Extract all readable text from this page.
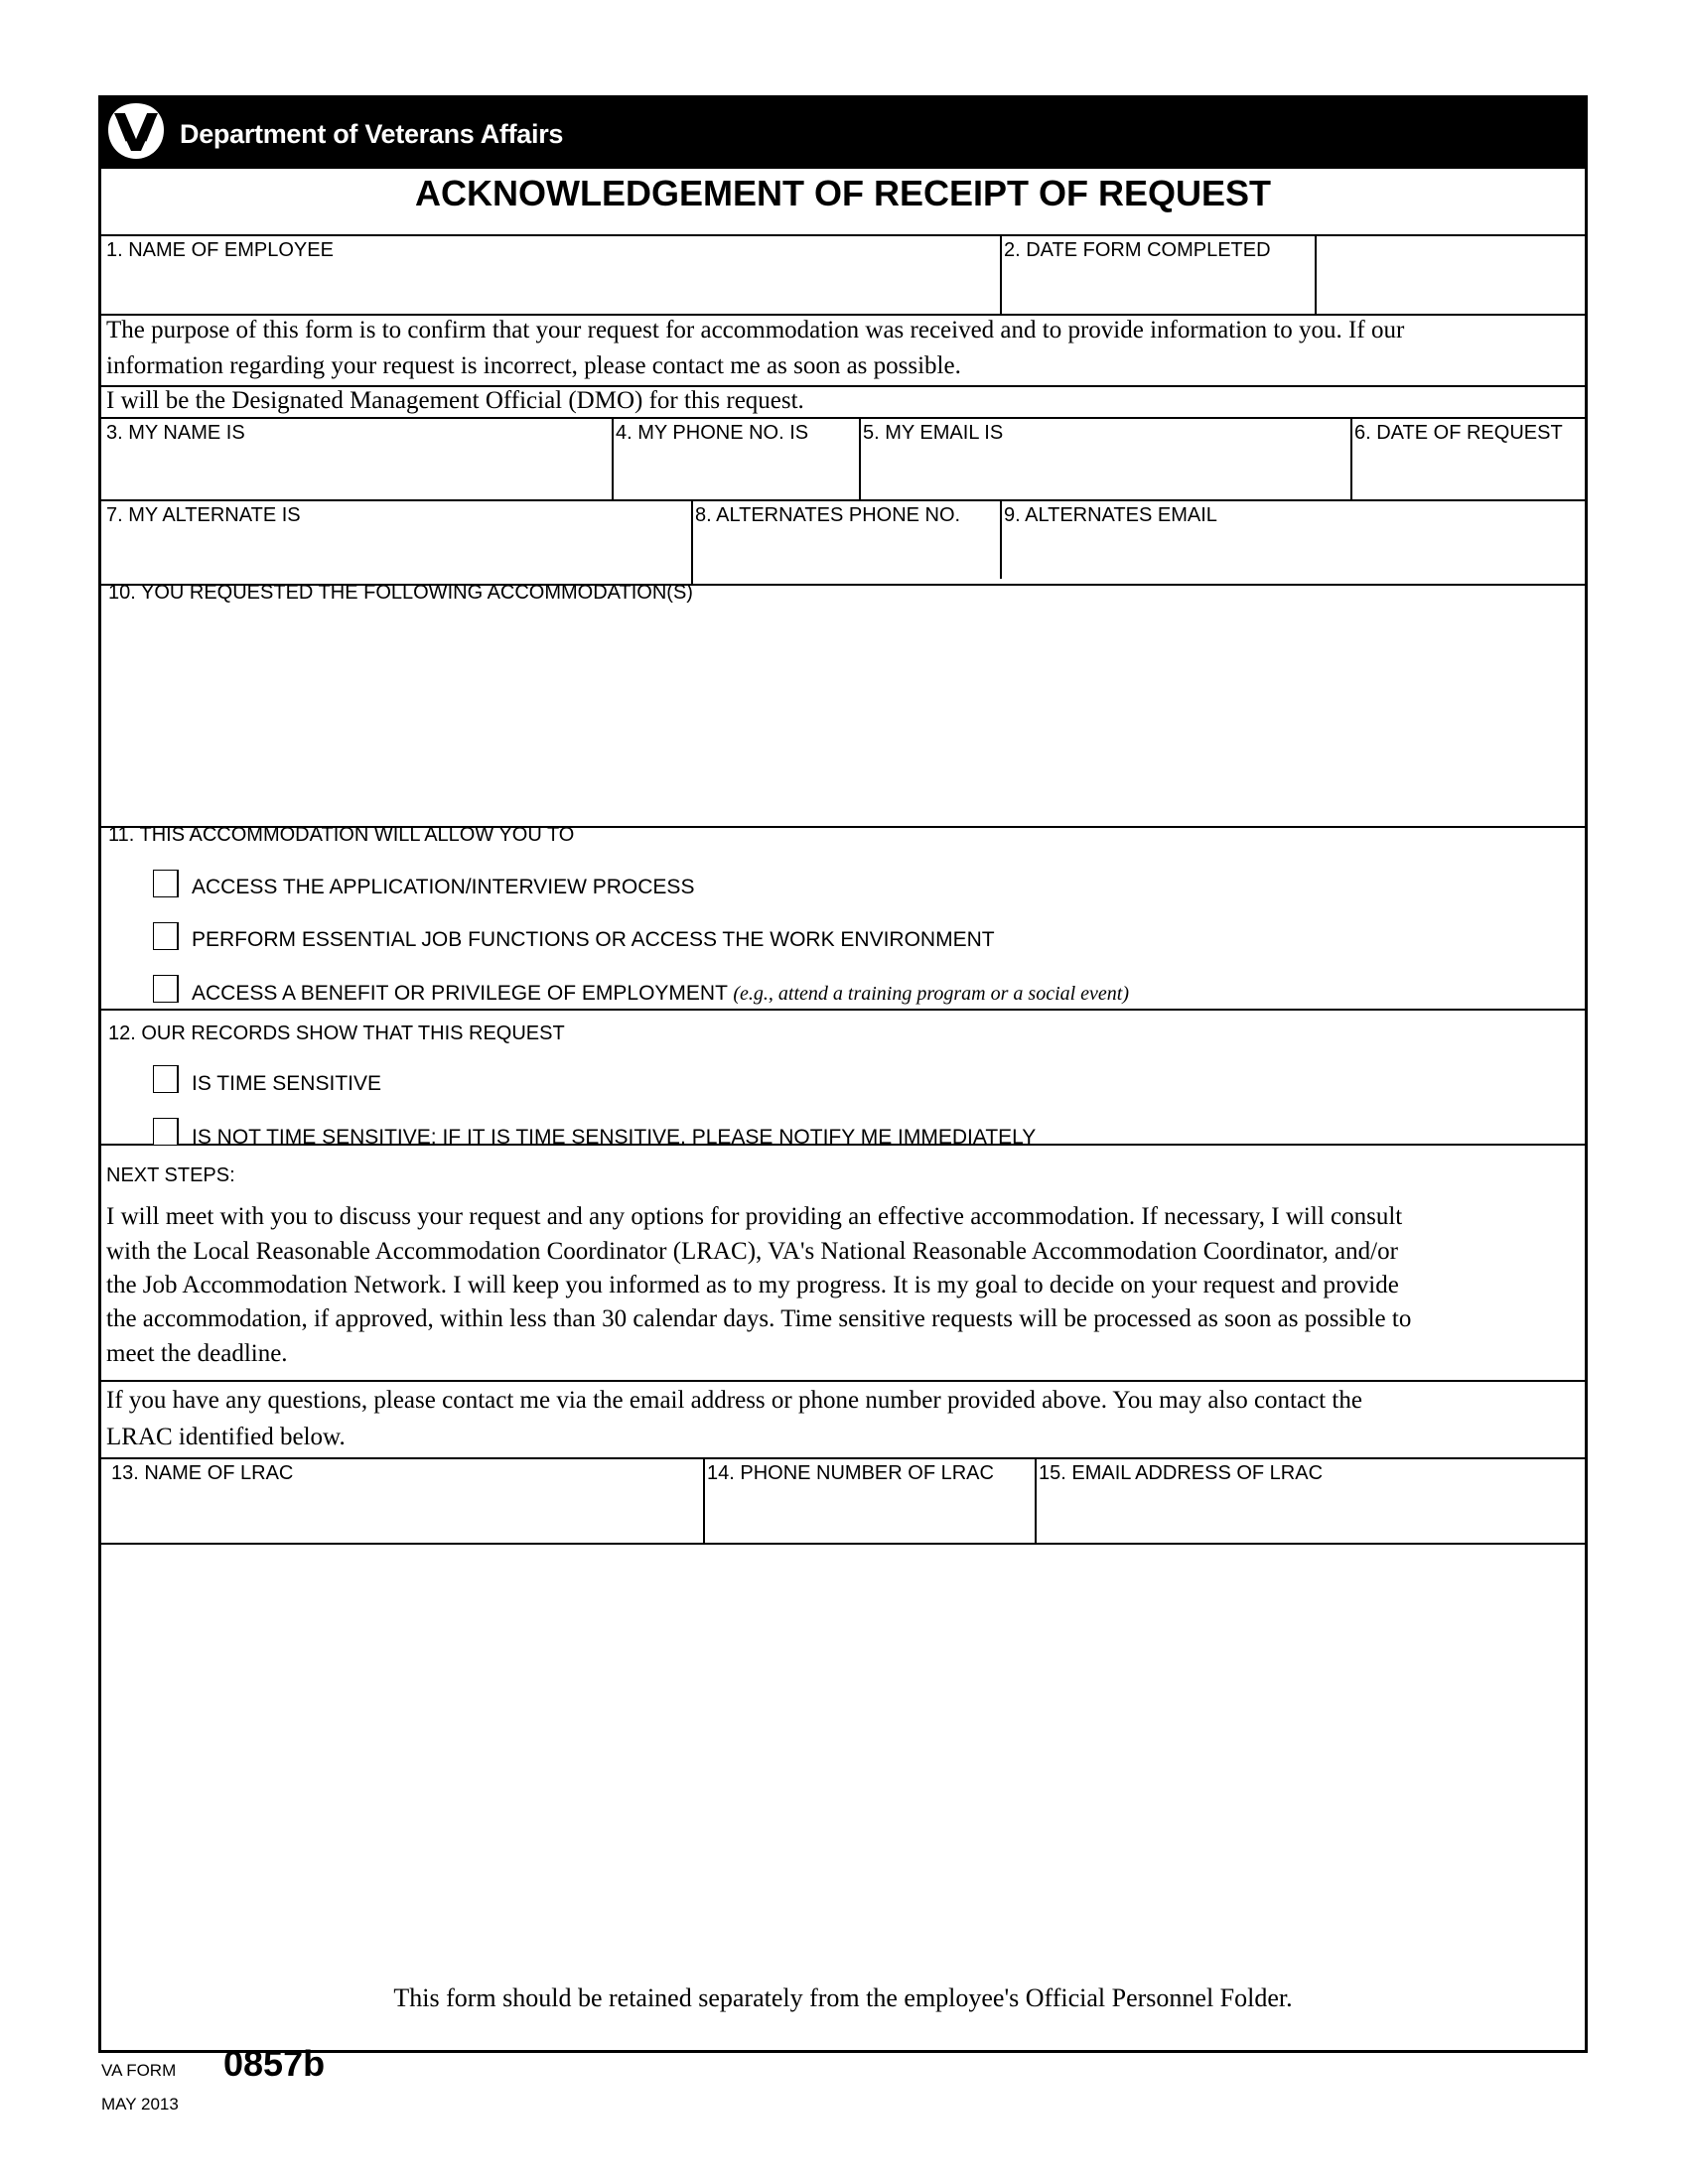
Department of Veterans Affairs
ACKNOWLEDGEMENT OF RECEIPT OF REQUEST
1. NAME OF EMPLOYEE	2. DATE FORM COMPLETED
The purpose of this form is to confirm that your request for accommodation was received and to provide information to you. If our
information regarding your request is incorrect, please contact me as soon as possible.
I will be the Designated Management Official (DMO) for this request.
3. MY NAME IS	4. MY PHONE NO. IS	5. MY EMAIL IS	6. DATE OF REQUEST
7. MY ALTERNATE IS	8. ALTERNATES PHONE NO. 9. ALTERNATES EMAIL
10. YOU REQUESTED THE FOLLOWING ACCOMMODATION(S)
11. THIS ACCOMMODATION WILL ALLOW YOU TO
ACCESS THE APPLICATION/INTERVIEW PROCESS
PERFORM ESSENTIAL JOB FUNCTIONS OR ACCESS THE WORK ENVIRONMENT
ACCESS A BENEFIT OR PRIVILEGE OF EMPLOYMENT (e.g., attend a training program or a social event)
12. OUR RECORDS SHOW THAT THIS REQUEST
IS TIME SENSITIVE
IS NOT TIME SENSITIVE; IF IT IS TIME SENSITIVE, PLEASE NOTIFY ME IMMEDIATELY
NEXT STEPS:
I will meet with you to discuss your request and any options for providing an effective accommodation. If necessary, I will consult
with the Local Reasonable Accommodation Coordinator (LRAC), VA's National Reasonable Accommodation Coordinator, and/or
the Job Accommodation Network. I will keep you informed as to my progress. It is my goal to decide on your request and provide
the accommodation, if approved, within less than 30 calendar days. Time sensitive requests will be processed as soon as possible to
meet the deadline.
If you have any questions, please contact me via the email address or phone number provided above. You may also contact the
LRAC identified below.
13. NAME OF LRAC	14. PHONE NUMBER OF LRAC 15. EMAIL ADDRESS OF LRAC
This form should be retained separately from the employee's Official Personnel Folder.
VA FORM 0857b
MAY 2013
